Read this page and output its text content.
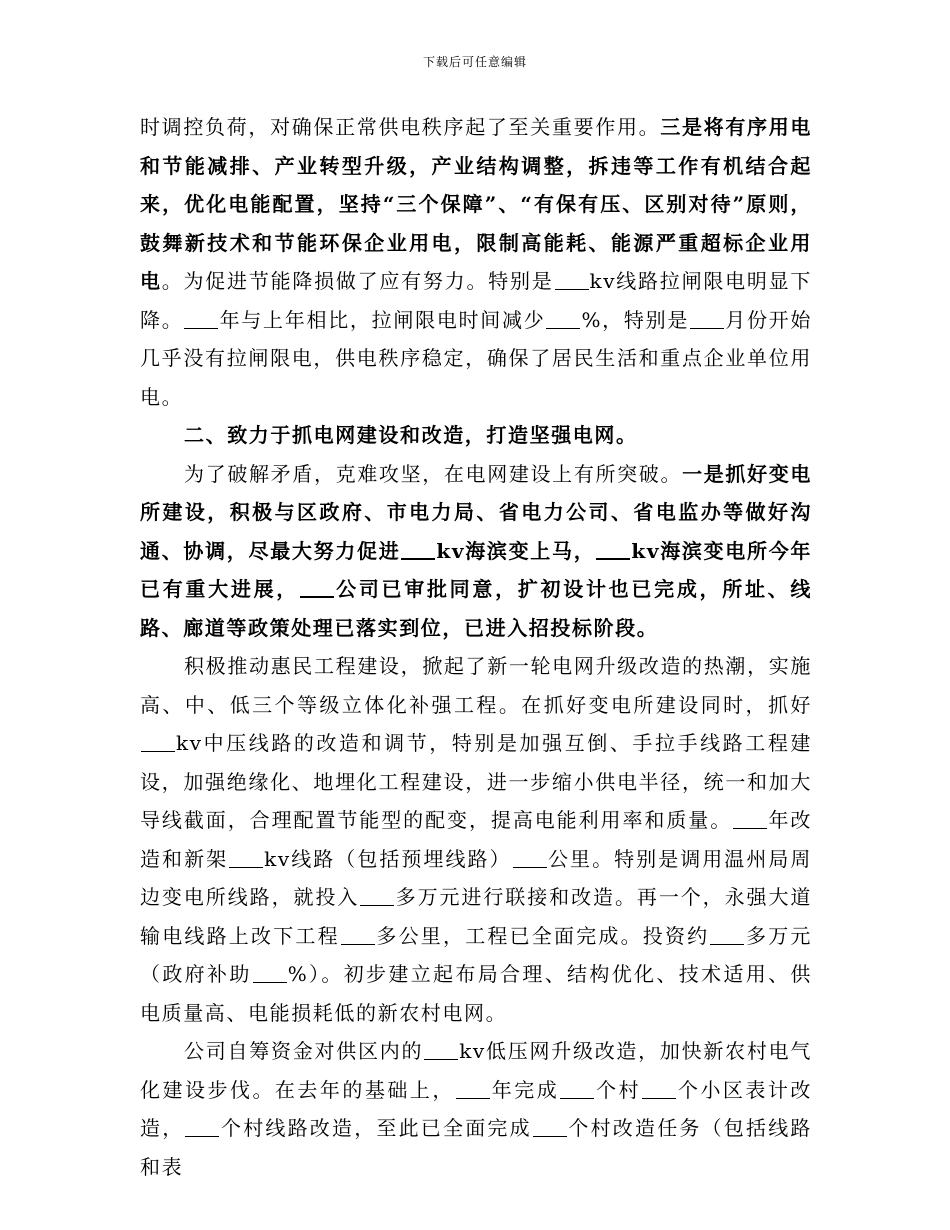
下载后可任意编辑

时调控负荷，对确保正常供电秩序起了至关重要作用。三是将有序用电和节能减排、产业转型升级，产业结构调整，拆违等工作有机结合起来，优化电能配置，坚持“三个保障”、“有保有压、区别对待”原则，鼓舞新技术和节能环保企业用电，限制高能耗、能源严重超标企业用电。为促进节能降损做了应有努力。特别是 kv线路拉闸限电明显下降。 年与上年相比，拉闸限电时间减少 %，特别是 月份开始几乎没有拉闸限电，供电秩序稳定，确保了居民生活和重点企业单位用电。

二、致力于抓电网建设和改造，打造坚强电网。

为了破解矛盾，克难攻坚，在电网建设上有所突破。一是抓好变电所建设，积极与区政府、市电力局、省电力公司、省电监办等做好沟通、协调，尽最大努力促进 kv海滨变上马， kv海滨变电所今年已有重大进展， 公司已审批同意，扩初设计也已完成，所址、线路、廊道等政策处理已落实到位，已进入招投标阶段。

积极推动惠民工程建设，掀起了新一轮电网升级改造的热潮，实施高、中、低三个等级立体化补强工程。在抓好变电所建设同时，抓好kv中压线路的改造和调节，特别是加强互倒、手拉手线路工程建设，加强绝缘化、地埋化工程建设，进一步缩小供电半径，统一和加大导线截面，合理配置节能型的配变，提高电能利用率和质量。 年改造和新架 kv线路（包括预埋线路） 公里。特别是调用温州局周边变电所线路，就投入 多万元进行联接和改造。再一个，永强大道输电线路上改下工程 多公里，工程已全面完成。投资约 多万元（政府补助 %）。初步建立起布局合理、结构优化、技术适用、供电质量高、电能损耗低的新农村电网。

公司自筹资金对供区内的 kv低压网升级改造，加快新农村电气化建设步伐。在去年的基础上， 年完成 个村 个小区表计改造， 个村线路改造，至此已全面完成 个村改造任务（包括线路和表
